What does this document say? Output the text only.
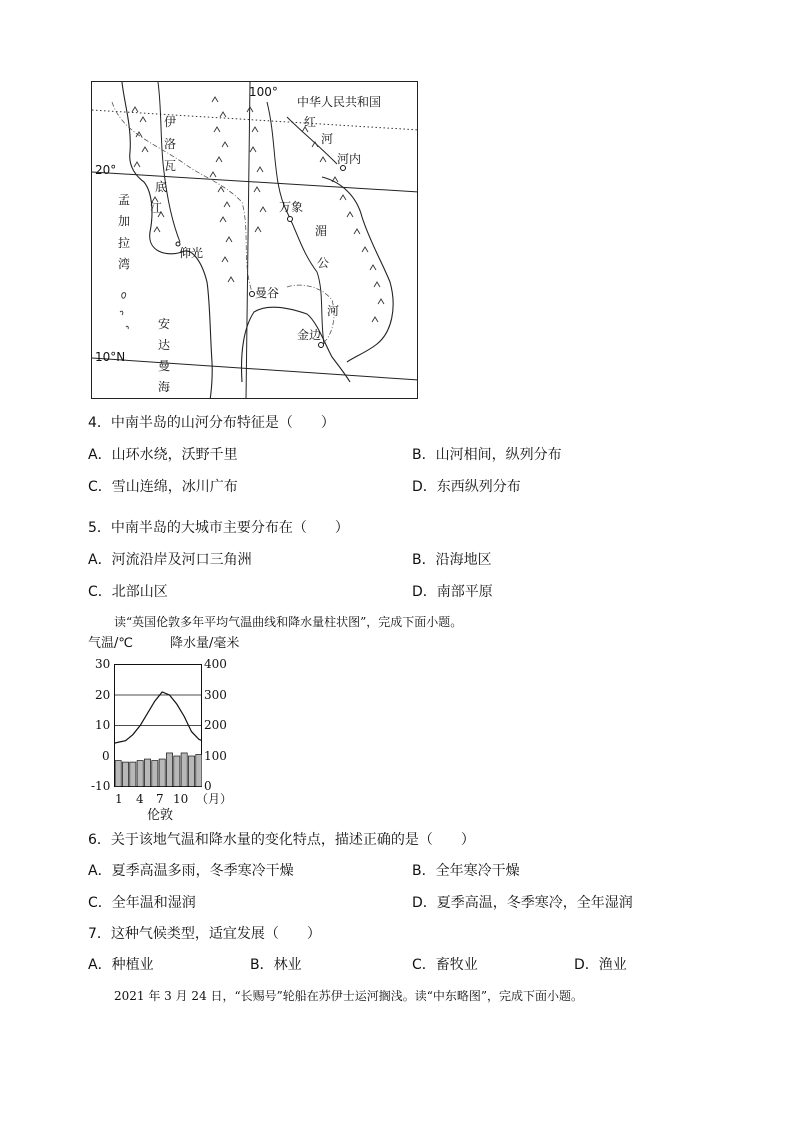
中华人民共和国
100°
20°
10°N
红
河
河内
万象
曼谷
金边
仰光
伊
洛
瓦
底
江
湄
公
河
孟
加
拉
湾
安
达
曼
海
4．中南半岛的山河分布特征是（　　）
A．山环水绕，沃野千里	B．山河相间，纵列分布
C．雪山连绵，冰川广布	D．东西纵列分布
5．中南半岛的大城市主要分布在（　　）
A．河流沿岸及河口三角洲	B．沿海地区
C．北部山区	D．南部平原
读“英国伦敦多年平均气温曲线和降水量柱状图”，完成下面小题。
气温/℃	降水量/毫米
30
20
10
0
-10
400
300
200
100
0
1 4 7 10 （月）
伦敦
6．关于该地气温和降水量的变化特点，描述正确的是（　　）
A．夏季高温多雨，冬季寒冷干燥	B．全年寒冷干燥
C．全年温和湿润	D．夏季高温，冬季寒冷，全年湿润
7．这种气候类型，适宜发展（　　）
A．种植业	B．林业	C．畜牧业	D．渔业
2021 年 3 月 24 日，“长赐号”轮船在苏伊士运河搁浅。读“中东略图”，完成下面小题。
